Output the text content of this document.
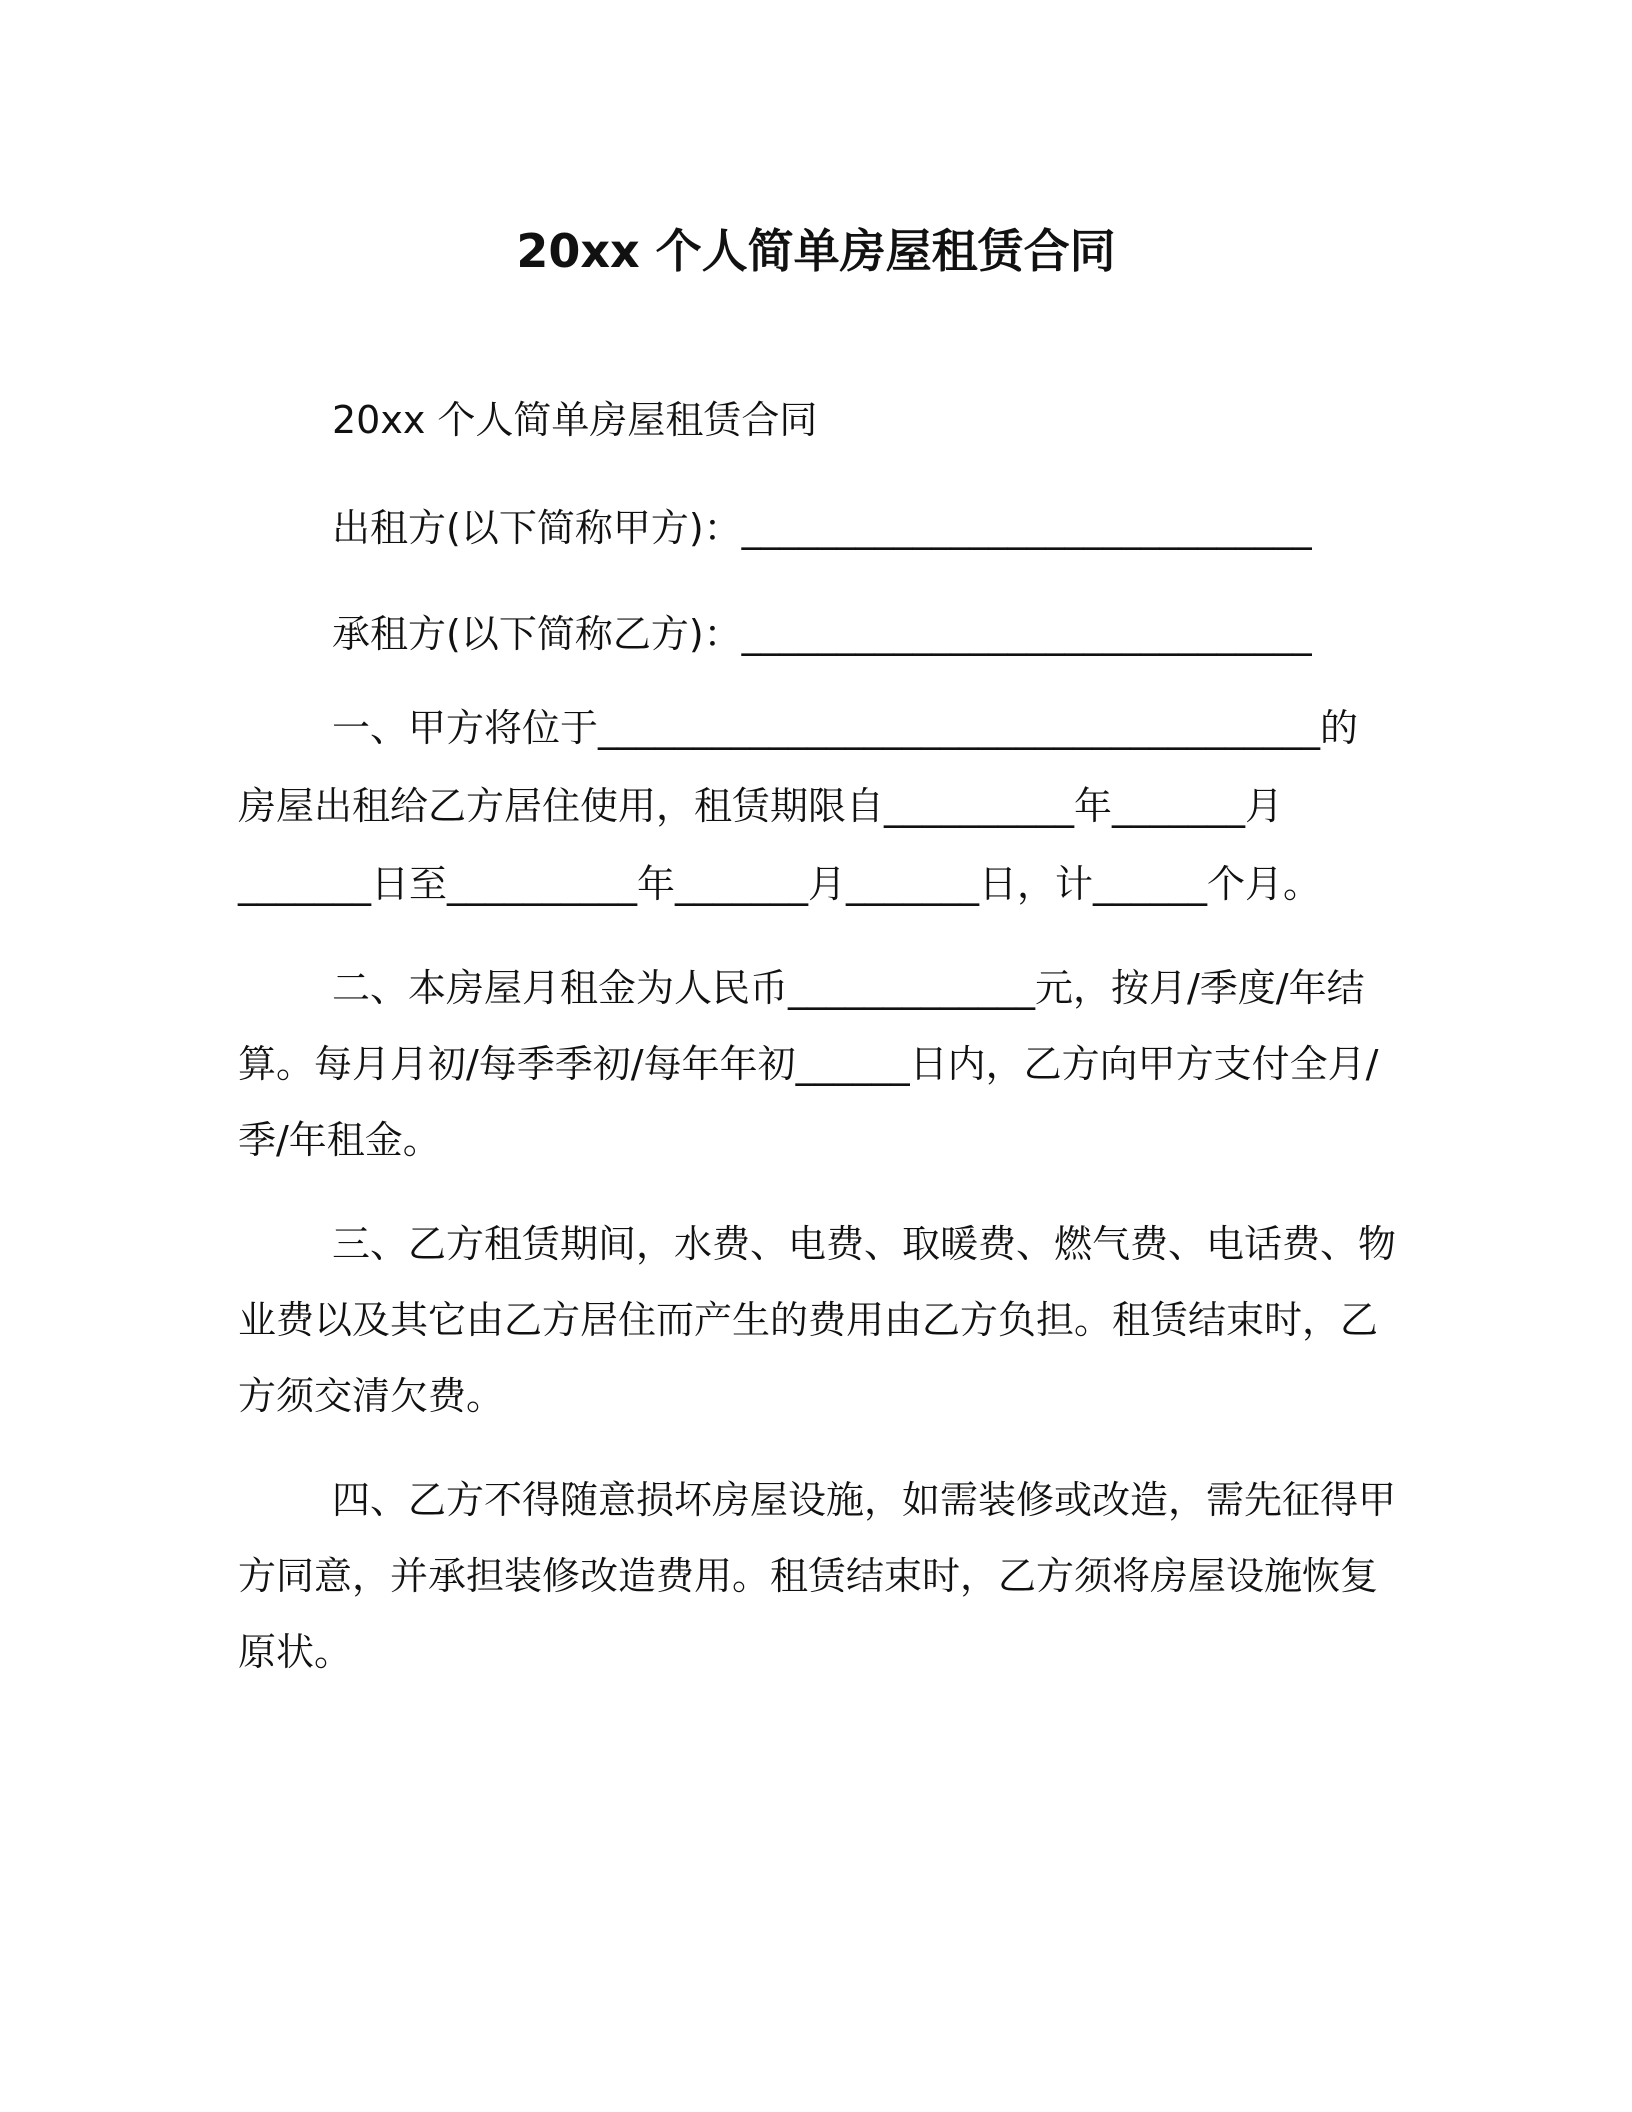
20xx 个人简单房屋租赁合同
20xx 个人简单房屋租赁合同
出租方(以下简称甲方)：______________________________
承租方(以下简称乙方)：______________________________
一、甲方将位于______________________________________的
房屋出租给乙方居住使用，租赁期限自__________年_______月
_______日至__________年_______月_______日，计______个月。
二、本房屋月租金为人民币_____________元，按月/季度/年结
算。每月月初/每季季初/每年年初______日内，乙方向甲方支付全月/
季/年租金。
三、乙方租赁期间，水费、电费、取暖费、燃气费、电话费、物
业费以及其它由乙方居住而产生的费用由乙方负担。租赁结束时，乙
方须交清欠费。
四、乙方不得随意损坏房屋设施，如需装修或改造，需先征得甲
方同意，并承担装修改造费用。租赁结束时，乙方须将房屋设施恢复
原状。
